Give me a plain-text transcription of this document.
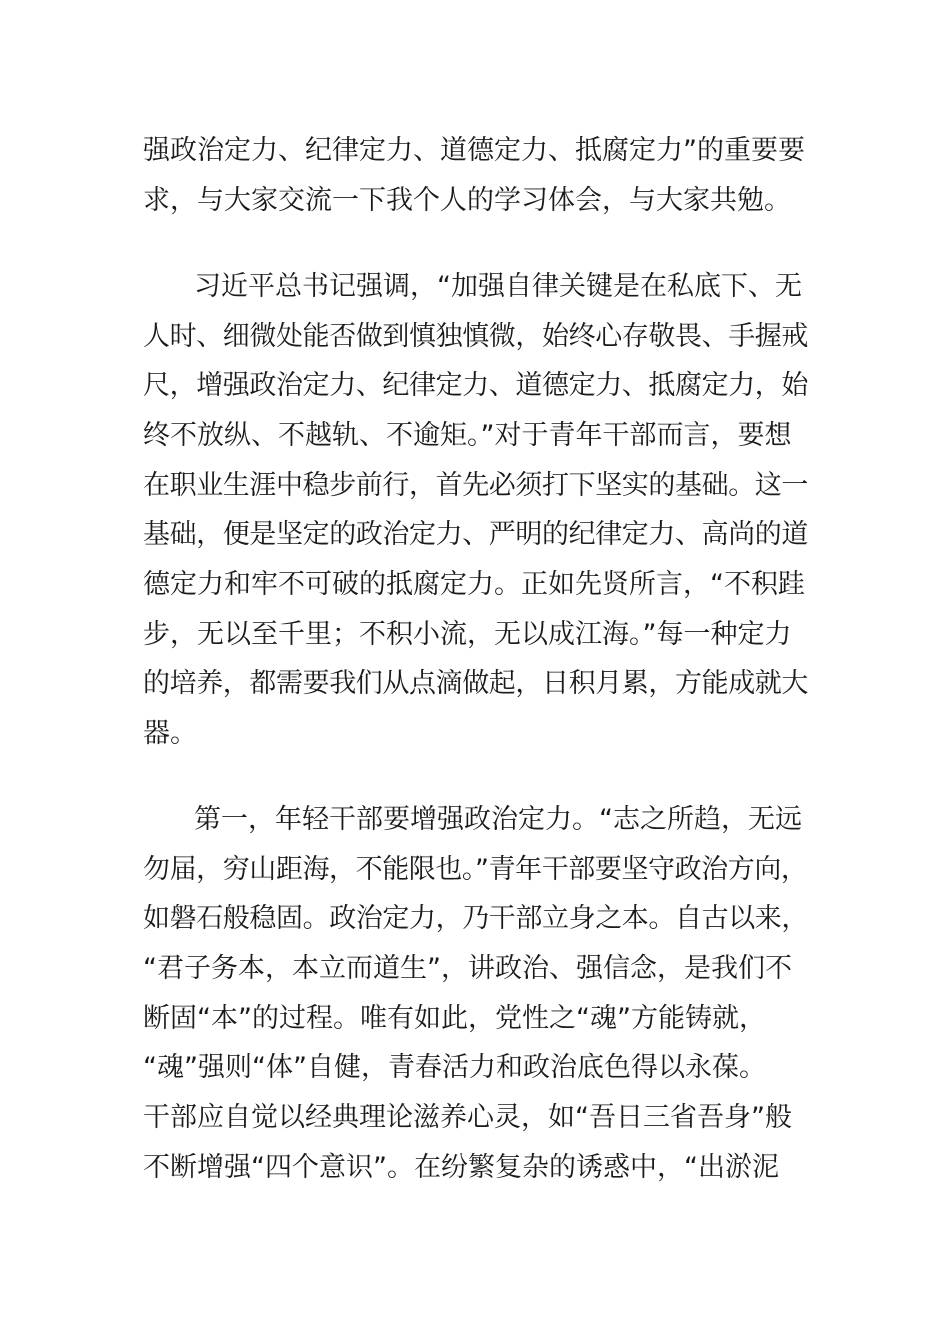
强政治定力、纪律定力、道德定力、抵腐定力”的重要要
求，与大家交流一下我个人的学习体会，与大家共勉。
习近平总书记强调，“加强自律关键是在私底下、无
人时、细微处能否做到慎独慎微，始终心存敬畏、手握戒
尺，增强政治定力、纪律定力、道德定力、抵腐定力，始
终不放纵、不越轨、不逾矩。”对于青年干部而言，要想
在职业生涯中稳步前行，首先必须打下坚实的基础。这一
基础，便是坚定的政治定力、严明的纪律定力、高尚的道
德定力和牢不可破的抵腐定力。正如先贤所言，“不积跬
步，无以至千里；不积小流，无以成江海。”每一种定力
的培养，都需要我们从点滴做起，日积月累，方能成就大
器。
第一，年轻干部要增强政治定力。“志之所趋，无远
勿届，穷山距海，不能限也。”青年干部要坚守政治方向，
如磐石般稳固。政治定力，乃干部立身之本。自古以来，
“君子务本，本立而道生”，讲政治、强信念，是我们不
断固“本”的过程。唯有如此，党性之“魂”方能铸就，
“魂”强则“体”自健，青春活力和政治底色得以永葆。
干部应自觉以经典理论滋养心灵，如“吾日三省吾身”般
不断增强“四个意识”。在纷繁复杂的诱惑中，“出淤泥
